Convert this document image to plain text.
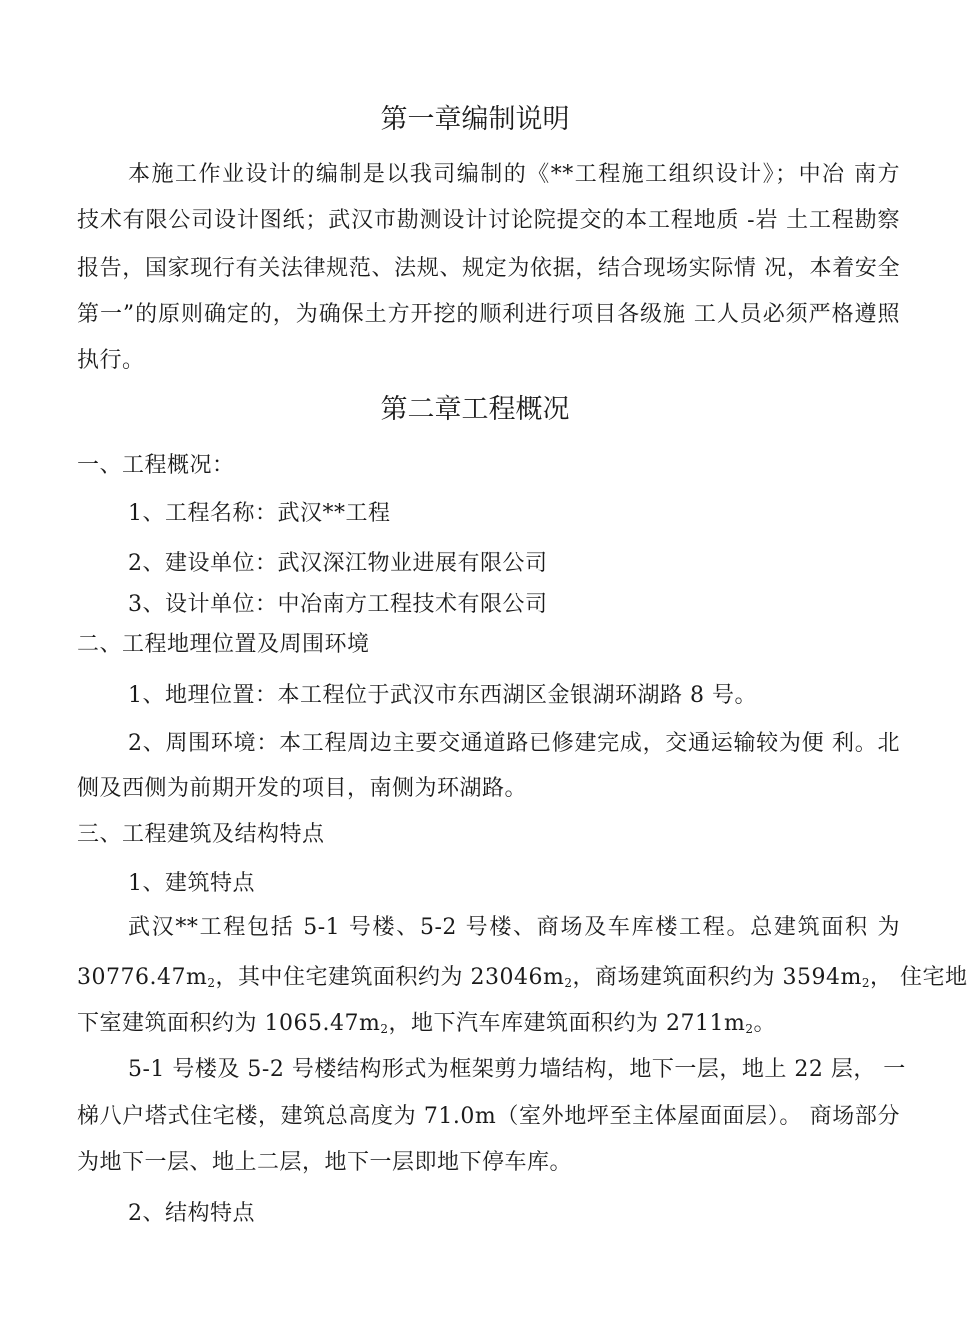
第一章编制说明
本施工作业设计的编制是以我司编制的《**工程施工组织设计》；中冶 南方
技术有限公司设计图纸；武汉市勘测设计讨论院提交的本工程地质 -岩 土工程勘察
报告，国家现行有关法律规范、法规、规定为依据，结合现场实际情 况，本着安全
第一”的原则确定的，为确保土方开挖的顺利进行项目各级施 工人员必须严格遵照
执行。
第二章工程概况
一、工程概况：
1、工程名称：武汉**工程
2、建设单位：武汉深江物业进展有限公司
3、设计单位：中冶南方工程技术有限公司
二、工程地理位置及周围环境
1、地理位置：本工程位于武汉市东西湖区金银湖环湖路 8 号。
2、周围环境：本工程周边主要交通道路已修建完成，交通运输较为便 利。北
侧及西侧为前期开发的项目，南侧为环湖路。
三、工程建筑及结构特点
1、建筑特点
武汉**工程包括 5-1 号楼、5-2 号楼、商场及车库楼工程。总建筑面积 为
$30776.47m_2$，其中住宅建筑面积约为 $23046m_2$，商场建筑面积约为 $3594m_2$， 住宅地
下室建筑面积约为 $1065.47m_2$，地下汽车库建筑面积约为 $2711m_2$。
5-1 号楼及 5-2 号楼结构形式为框架剪力墙结构，地下一层，地上 22 层， 一
梯八户塔式住宅楼，建筑总高度为 71.0m（室外地坪至主体屋面面层）。 商场部分
为地下一层、地上二层，地下一层即地下停车库。
2、结构特点
